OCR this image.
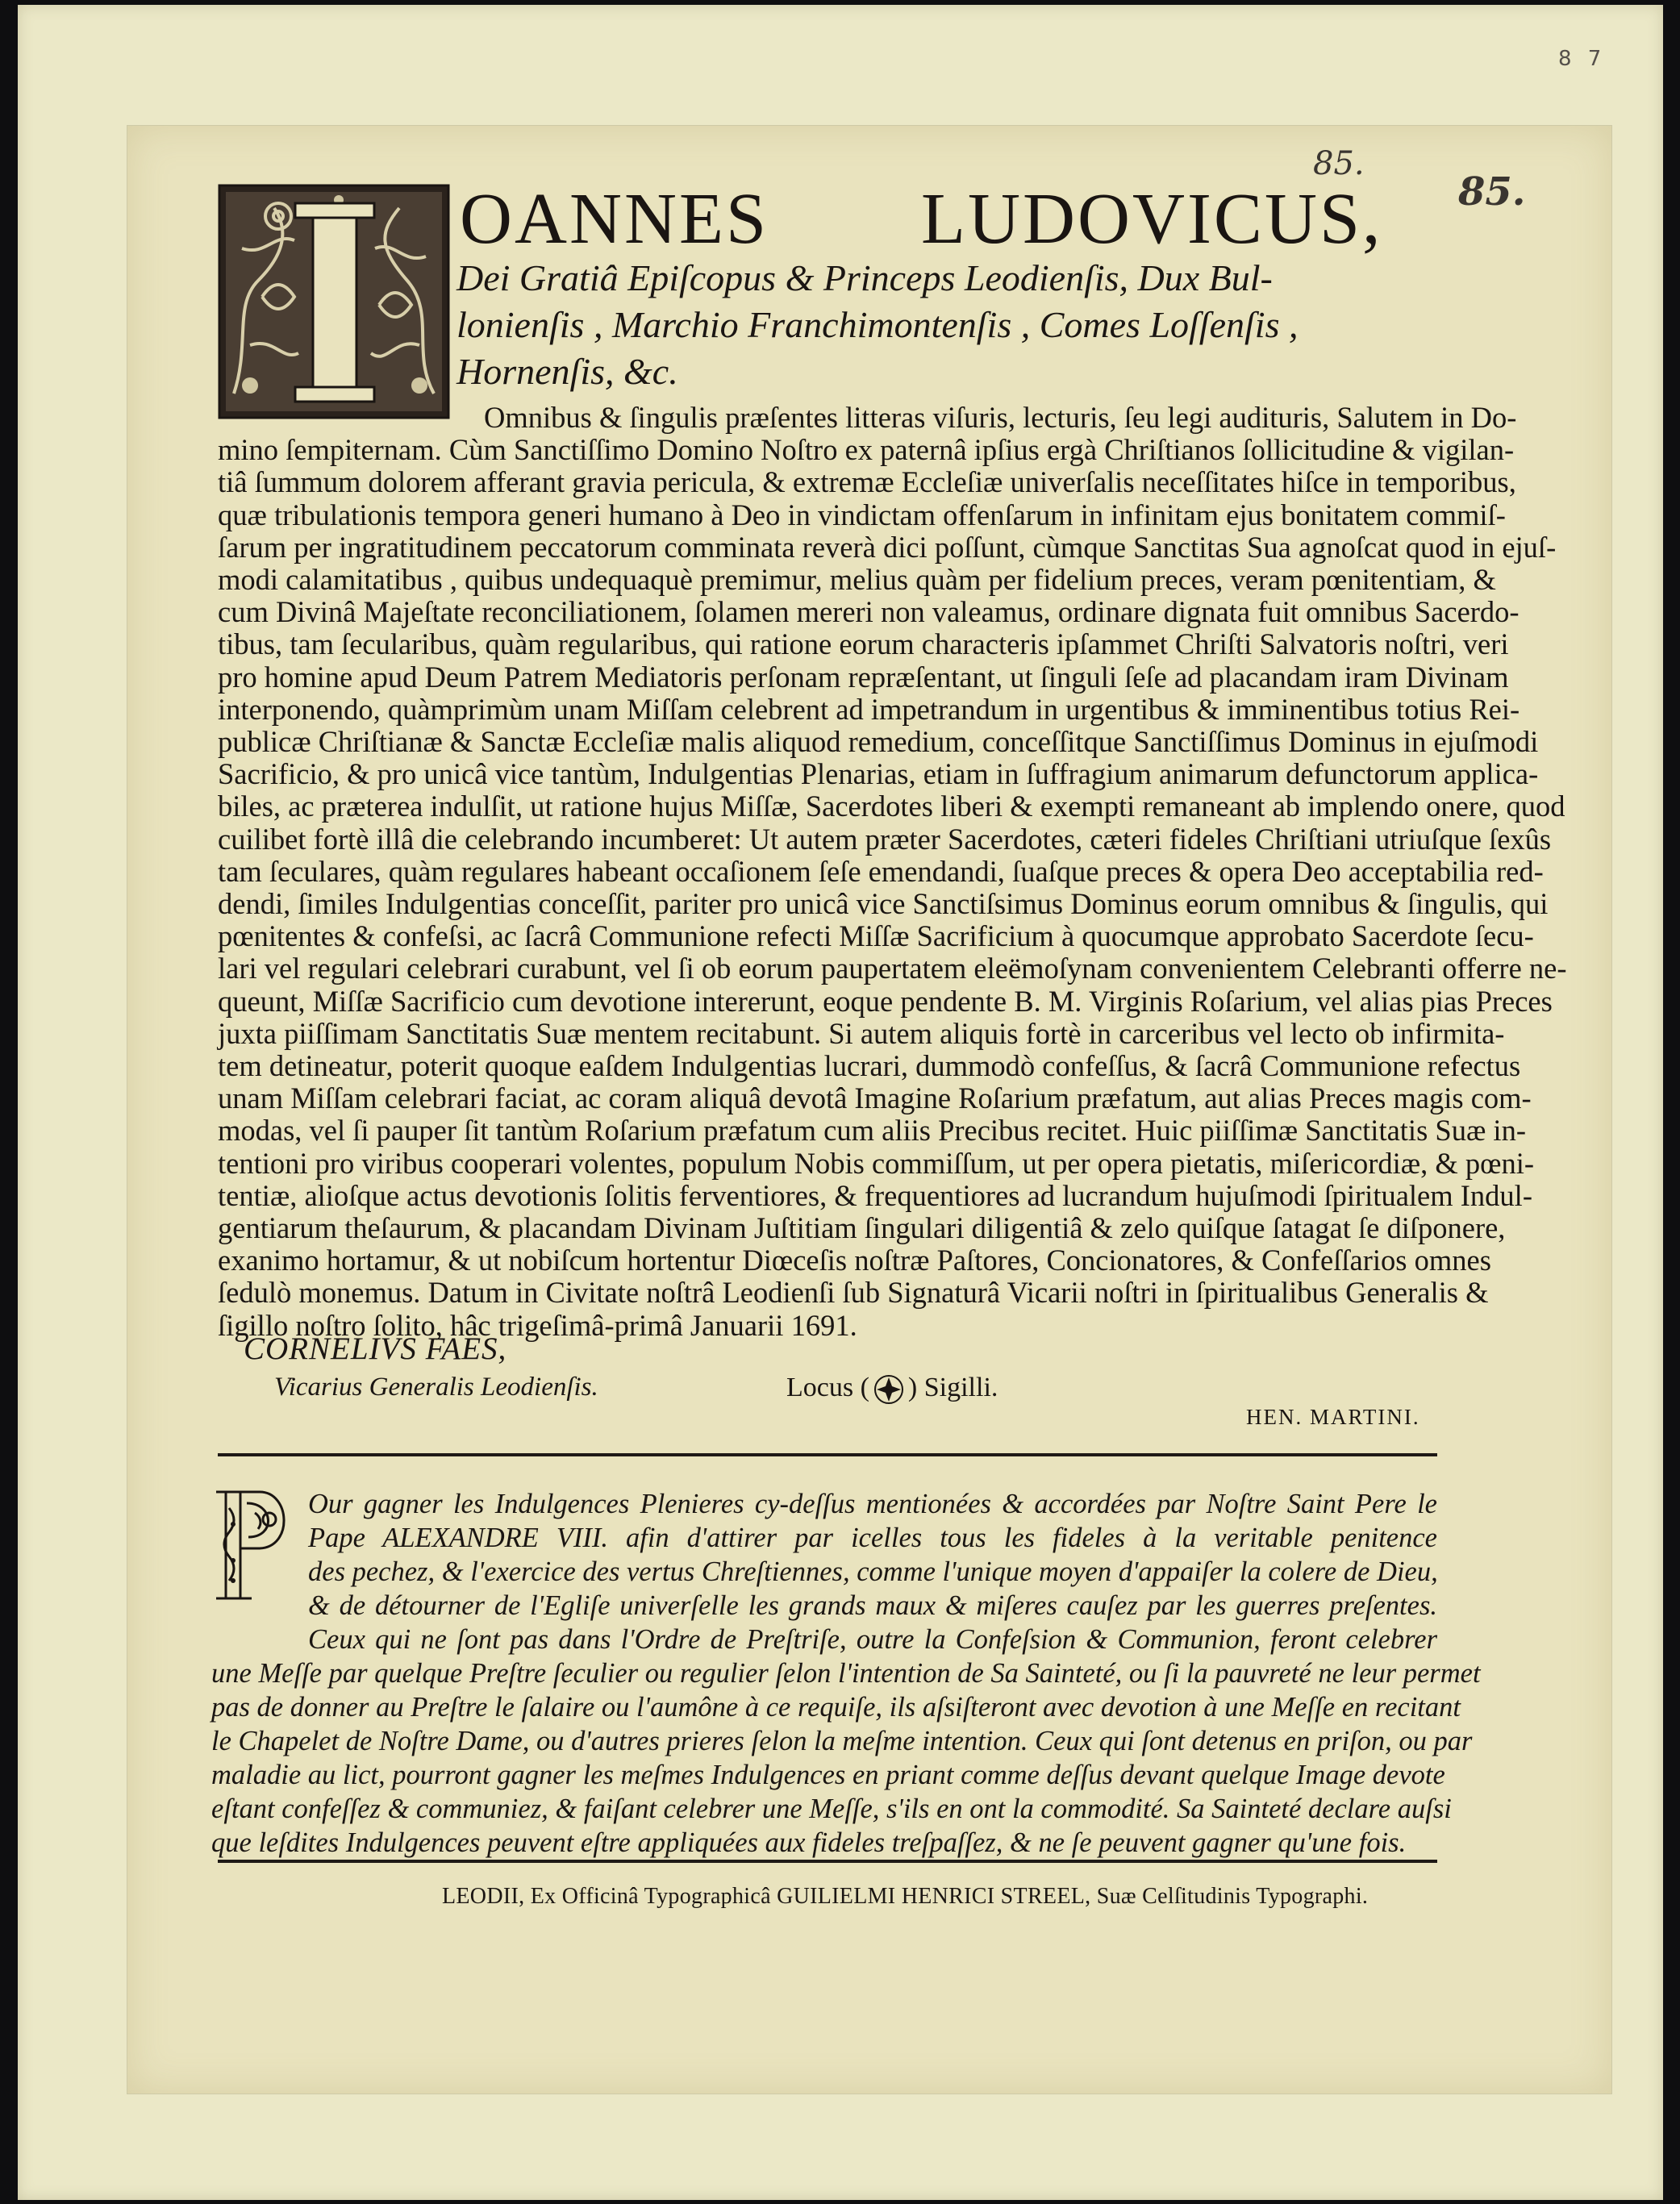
8 7
85.
85.
OANNES LUDOVICUS,
Dei Gratiâ Epiſcopus & Princeps Leodienſis, Dux Bul-
lonienſis , Marchio Franchimontenſis , Comes Loſſenſis ,
Hornenſis, &c.
Omnibus & ſingulis præſentes litteras viſuris, lecturis, ſeu legi audituris, Salutem in Do-
mino ſempiternam. Cùm Sanctiſſimo Domino Noſtro ex paternâ ipſius ergà Chriſtianos ſollicitudine & vigilan-
tiâ ſummum dolorem afferant gravia pericula, & extremæ Eccleſiæ univerſalis neceſſitates hiſce in temporibus,
quæ tribulationis tempora generi humano à Deo in vindictam offenſarum in infinitam ejus bonitatem commiſ-
ſarum per ingratitudinem peccatorum comminata reverà dici poſſunt, cùmque Sanctitas Sua agnoſcat quod in ejuſ-
modi calamitatibus , quibus undequaquè premimur, melius quàm per fidelium preces, veram pœnitentiam, &
cum Divinâ Majeſtate reconciliationem, ſolamen mereri non valeamus, ordinare dignata fuit omnibus Sacerdo-
tibus, tam ſecularibus, quàm regularibus, qui ratione eorum characteris ipſammet Chriſti Salvatoris noſtri, veri
pro homine apud Deum Patrem Mediatoris perſonam repræſentant, ut ſinguli ſeſe ad placandam iram Divinam
interponendo, quàmprimùm unam Miſſam celebrent ad impetrandum in urgentibus & imminentibus totius Rei-
publicæ Chriſtianæ & Sanctæ Eccleſiæ malis aliquod remedium, conceſſitque Sanctiſſimus Dominus in ejuſmodi
Sacrificio, & pro unicâ vice tantùm, Indulgentias Plenarias, etiam in ſuffragium animarum defunctorum applica-
biles, ac præterea indulſit, ut ratione hujus Miſſæ, Sacerdotes liberi & exempti remaneant ab implendo onere, quod
cuilibet fortè illâ die celebrando incumberet: Ut autem præter Sacerdotes, cæteri fideles Chriſtiani utriuſque ſexûs
tam ſeculares, quàm regulares habeant occaſionem ſeſe emendandi, ſuaſque preces & opera Deo acceptabilia red-
dendi, ſimiles Indulgentias conceſſit, pariter pro unicâ vice Sanctiſsimus Dominus eorum omnibus & ſingulis, qui
pœnitentes & confeſsi, ac ſacrâ Communione refecti Miſſæ Sacrificium à quocumque approbato Sacerdote ſecu-
lari vel regulari celebrari curabunt, vel ſi ob eorum paupertatem eleëmoſynam convenientem Celebranti offerre ne-
queunt, Miſſæ Sacrificio cum devotione intererunt, eoque pendente B. M. Virginis Roſarium, vel alias pias Preces
juxta piiſſimam Sanctitatis Suæ mentem recitabunt. Si autem aliquis fortè in carceribus vel lecto ob infirmita-
tem detineatur, poterit quoque eaſdem Indulgentias lucrari, dummodò confeſſus, & ſacrâ Communione refectus
unam Miſſam celebrari faciat, ac coram aliquâ devotâ Imagine Roſarium præfatum, aut alias Preces magis com-
modas, vel ſi pauper ſit tantùm Roſarium præfatum cum aliis Precibus recitet. Huic piiſſimæ Sanctitatis Suæ in-
tentioni pro viribus cooperari volentes, populum Nobis commiſſum, ut per opera pietatis, miſericordiæ, & pœni-
tentiæ, alioſque actus devotionis ſolitis ferventiores, & frequentiores ad lucrandum hujuſmodi ſpiritualem Indul-
gentiarum theſaurum, & placandam Divinam Juſtitiam ſingulari diligentiâ & zelo quiſque ſatagat ſe diſponere,
exanimo hortamur, & ut nobiſcum hortentur Diœceſis noſtræ Paſtores, Concionatores, & Confeſſarios omnes
ſedulò monemus. Datum in Civitate noſtrâ Leodienſi ſub Signaturâ Vicarii noſtri in ſpiritualibus Generalis &
ſigillo noſtro ſolito, hâc trigeſimâ-primâ Januarii 1691.
CORNELIVS FAES,
Vicarius Generalis Leodienſis.	Locus ( ) Sigilli.
HEN. MARTINI.
Our gagner les Indulgences Plenieres cy-deſſus mentionées & accordées par Noſtre Saint Pere le
Pape ALEXANDRE VIII. afin d'attirer par icelles tous les fideles à la veritable penitence
des pechez, & l'exercice des vertus Chreſtiennes, comme l'unique moyen d'appaiſer la colere de Dieu,
& de détourner de l'Egliſe univerſelle les grands maux & miſeres cauſez par les guerres preſentes.
Ceux qui ne ſont pas dans l'Ordre de Preſtriſe, outre la Confeſsion & Communion, feront celebrer
une Meſſe par quelque Preſtre ſeculier ou regulier ſelon l'intention de Sa Sainteté, ou ſi la pauvreté ne leur permet
pas de donner au Preſtre le ſalaire ou l'aumône à ce requiſe, ils aſsiſteront avec devotion à une Meſſe en recitant
le Chapelet de Noſtre Dame, ou d'autres prieres ſelon la meſme intention. Ceux qui ſont detenus en priſon, ou par
maladie au lict, pourront gagner les meſmes Indulgences en priant comme deſſus devant quelque Image devote
eſtant confeſſez & communiez, & faiſant celebrer une Meſſe, s'ils en ont la commodité. Sa Sainteté declare auſsi
que leſdites Indulgences peuvent eſtre appliquées aux fideles treſpaſſez, & ne ſe peuvent gagner qu'une fois.
LEODII, Ex Officinâ Typographicâ GUILIELMI HENRICI STREEL, Suæ Celſitudinis Typographi.
